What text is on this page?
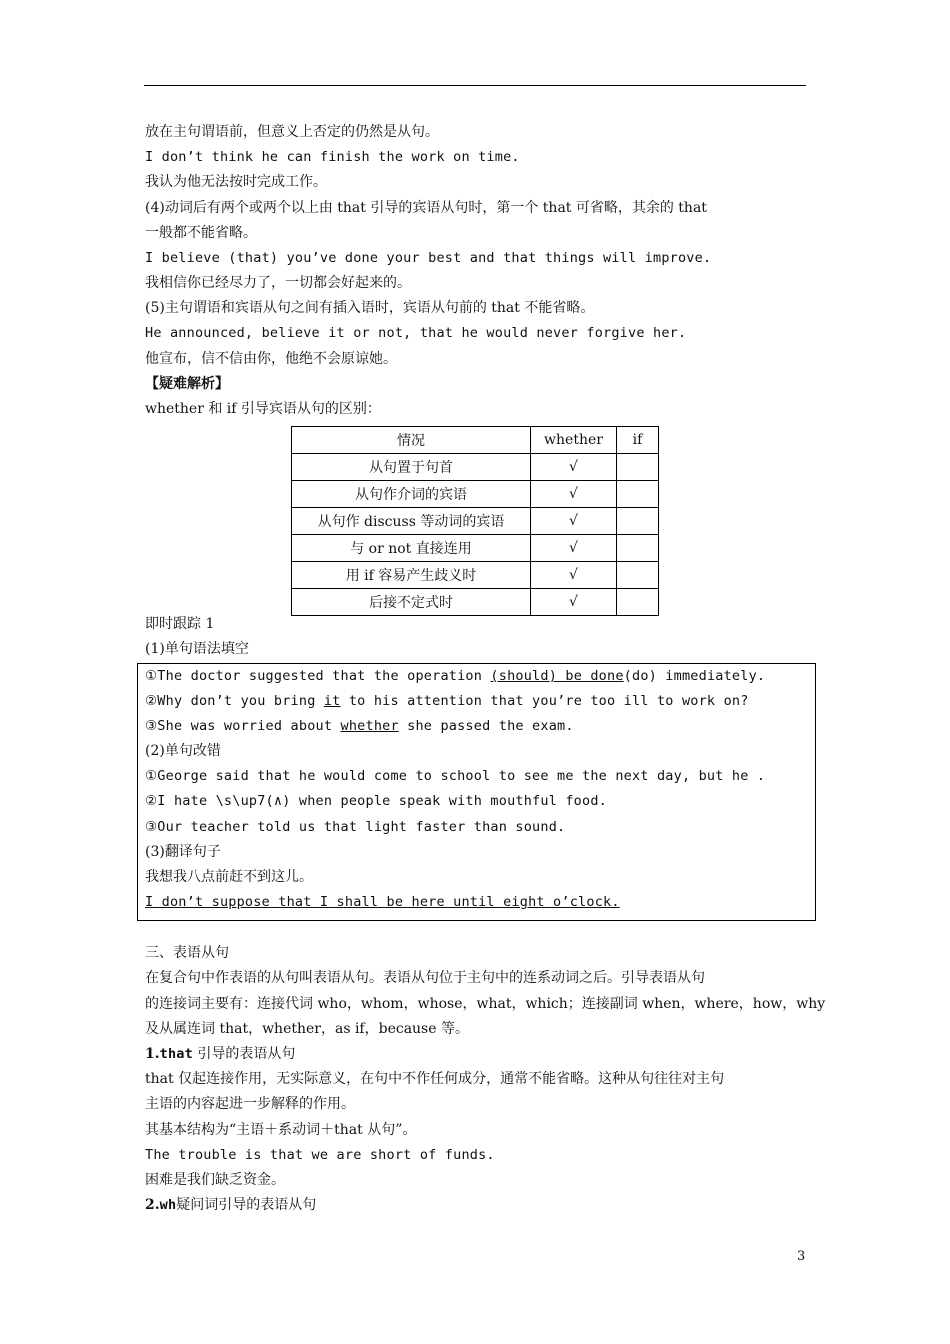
放在主句谓语前，但意义上否定的仍然是从句。
I don’t think he can finish the work on time.
我认为他无法按时完成工作。
(4)动词后有两个或两个以上由 that 引导的宾语从句时，第一个 that 可省略，其余的 that
一般都不能省略。
I believe (that) you’ve done your best and that things will improve.
我相信你已经尽力了，一切都会好起来的。
(5)主句谓语和宾语从句之间有插入语时，宾语从句前的 that 不能省略。
He announced, believe it or not, that he would never forgive her.
他宣布，信不信由你，他绝不会原谅她。
【疑难解析】
whether 和 if 引导宾语从句的区别：
情况	whether	if
从句置于句首	√	
从句作介词的宾语	√	
从句作 discuss 等动词的宾语	√	
与 or not 直接连用	√	
用 if 容易产生歧义时	√	
后接不定式时	√	
即时跟踪 1
(1)单句语法填空
①The doctor suggested that the operation (should) be done(do) immediately.
②Why don’t you bring it to his attention that you’re too ill to work on?
③She was worried about whether she passed the exam.
(2)单句改错
①George said that he would come to school to see me the next day, but he .
②I hate \s\up7(∧) when people speak with mouthful food.
③Our teacher told us that light faster than sound.
(3)翻译句子
我想我八点前赶不到这儿。
I don’t suppose that I shall be here until eight o’clock.
三、表语从句
在复合句中作表语的从句叫表语从句。表语从句位于主句中的连系动词之后。引导表语从句
的连接词主要有：连接代词 who，whom，whose，what，which；连接副词 when，where，how，why
及从属连词 that，whether，as if，because 等。
1.that 引导的表语从句
that 仅起连接作用，无实际意义，在句中不作任何成分，通常不能省略。这种从句往往对主句
主语的内容起进一步解释的作用。
其基本结构为“主语＋系动词＋that 从句”。
The trouble is that we are short of funds.
困难是我们缺乏资金。
2.wh疑问词引导的表语从句
3
